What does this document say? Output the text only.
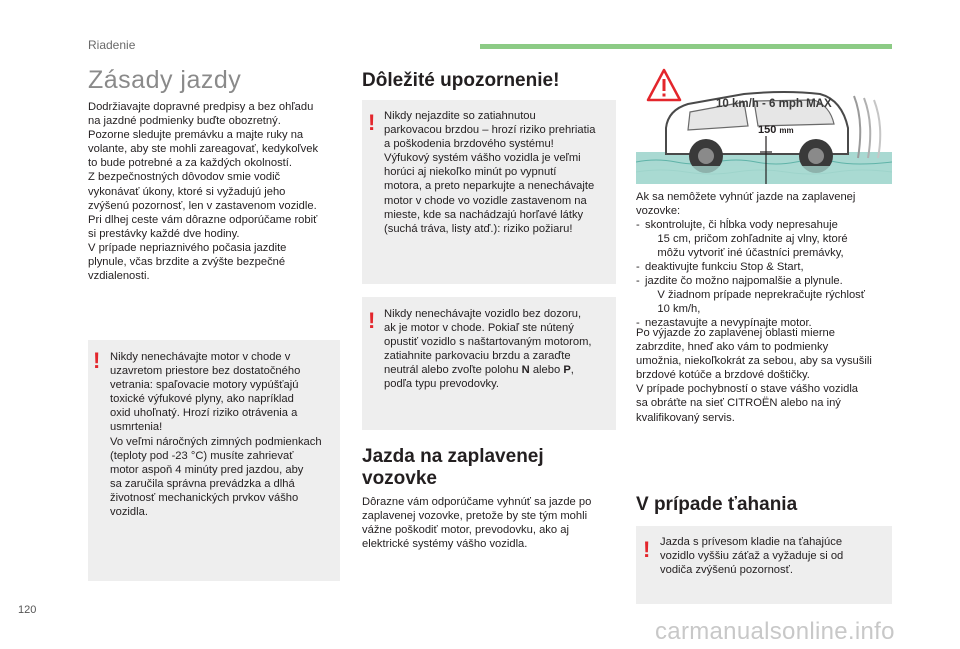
Riadenie
Zásady jazdy
Dodržiavajte dopravné predpisy a bez ohľadu
na jazdné podmienky buďte obozretný.
Pozorne sledujte premávku a majte ruky na
volante, aby ste mohli zareagovať, kedykoľvek
to bude potrebné a za každých okolností.
Z bezpečnostných dôvodov smie vodič
vykonávať úkony, ktoré si vyžadujú jeho
zvýšenú pozornosť, len v zastavenom vozidle.
Pri dlhej ceste vám dôrazne odporúčame robiť
si prestávky každé dve hodiny.
V prípade nepriaznivého počasia jazdite
plynule, včas brzdite a zvýšte bezpečné
vzdialenosti.
! Nikdy nenechávajte motor v chode v
uzavretom priestore bez dostatočného
vetrania: spaľovacie motory vypúšťajú
toxické výfukové plyny, ako napríklad
oxid uhoľnatý. Hrozí riziko otrávenia a
usmrtenia!
Vo veľmi náročných zimných podmienkach
(teploty pod -23 °C) musíte zahrievať
motor aspoň 4 minúty pred jazdou, aby
sa zaručila správna prevádzka a dlhá
životnosť mechanických prvkov vášho
vozidla.
Dôležité upozornenie!
! Nikdy nejazdite so zatiahnutou
parkovacou brzdou – hrozí riziko prehriatia
a poškodenia brzdového systému!
Výfukový systém vášho vozidla je veľmi
horúci aj niekoľko minút po vypnutí
motora, a preto neparkujte a nenechávajte
motor v chode vo vozidle zastavenom na
mieste, kde sa nachádzajú horľavé látky
(suchá tráva, listy atď.): riziko požiaru!
! Nikdy nenechávajte vozidlo bez dozoru,
ak je motor v chode. Pokiaľ ste nútený
opustiť vozidlo s naštartovaným motorom,
zatiahnite parkovaciu brzdu a zaraďte
neutrál alebo zvoľte polohu N alebo P,
podľa typu prevodovky.
Jazda na zaplavenej
vozovke
Dôrazne vám odporúčame vyhnúť sa jazde po
zaplavenej vozovke, pretože by ste tým mohli
vážne poškodiť motor, prevodovku, ako aj
elektrické systémy vášho vozidla.
10 km/h - 6 mph MAX
150 mm
Ak sa nemôžete vyhnúť jazde na zaplavenej
vozovke:
- skontrolujte, či hĺbka vody nepresahuje
15 cm, pričom zohľadnite aj vlny, ktoré
môžu vytvoriť iné účastníci premávky,
- deaktivujte funkciu Stop & Start,
- jazdite čo možno najpomalšie a plynule.
V žiadnom prípade neprekračujte rýchlosť
10 km/h,
- nezastavujte a nevypínajte motor.
Po výjazde zo zaplavenej oblasti mierne
zabrzdite, hneď ako vám to podmienky
umožnia, niekoľkokrát za sebou, aby sa vysušili
brzdové kotúče a brzdové doštičky.
V prípade pochybností o stave vášho vozidla
sa obráťte na sieť CITROËN alebo na iný
kvalifikovaný servis.
V prípade ťahania
! Jazda s prívesom kladie na ťahajúce
vozidlo vyššiu záťaž a vyžaduje si od
vodiča zvýšenú pozornosť.
120
carmanualsonline.info
